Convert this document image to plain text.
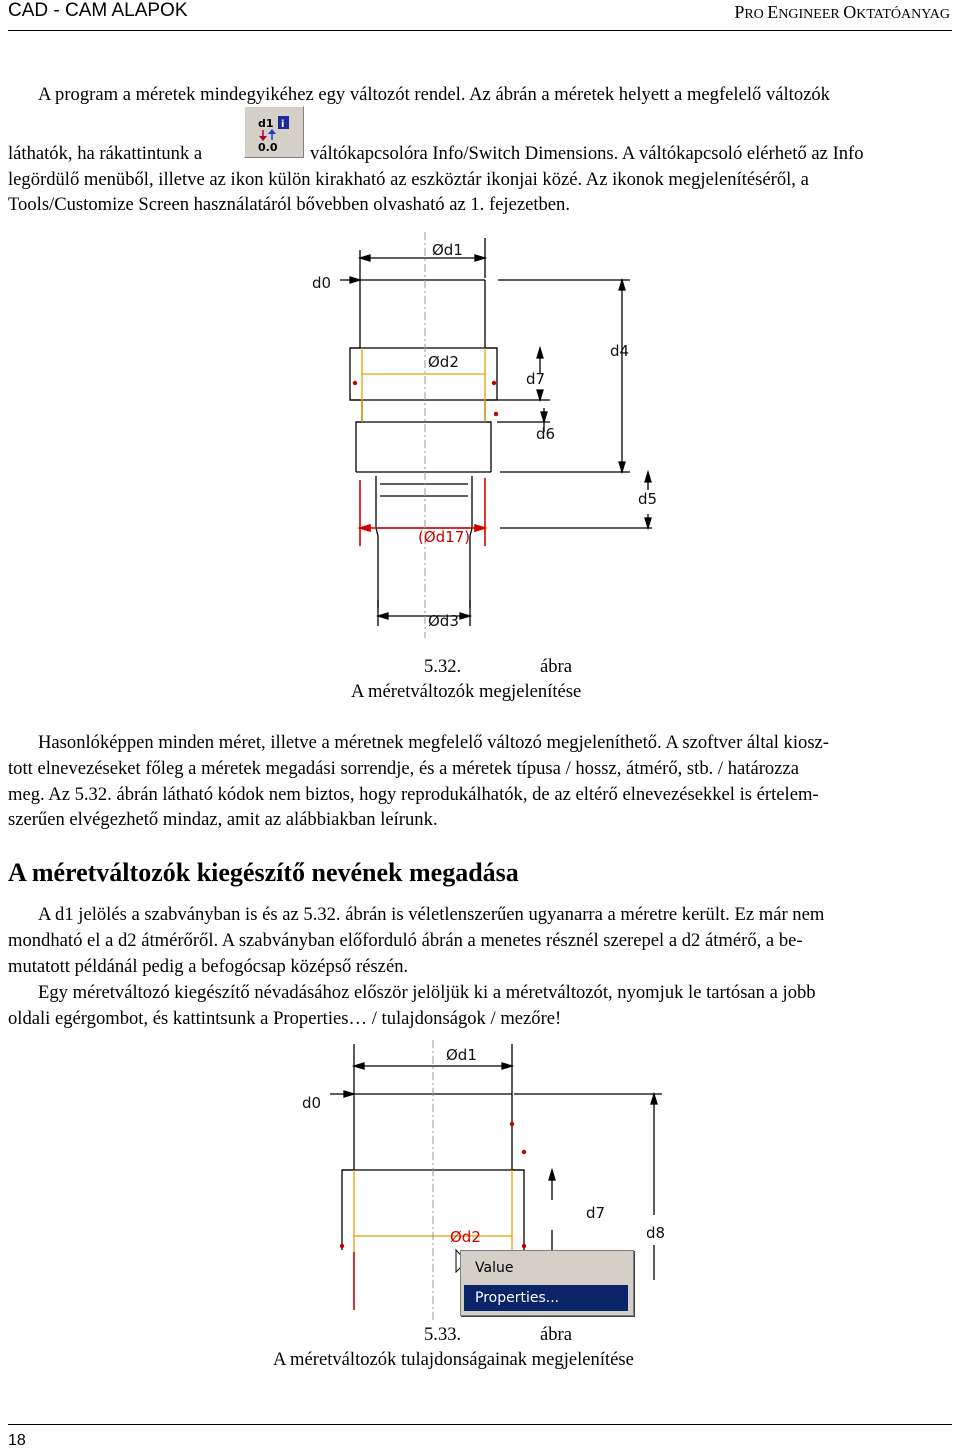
CAD - CAM ALAPOK	PRO ENGINEER OKTATÓANYAG
A program a méretek mindegyikéhez egy változót rendel. Az ábrán a méretek helyett a megfelelő változók
láthatók, ha rákattintunk a
d1 i
0.0 váltókapcsolóra Info/Switch Dimensions. A váltókapcsoló elérhető az Info
legördülő menüből, illetve az ikon külön kirakható az eszköztár ikonjai közé. Az ikonok megjelenítéséről, a
Tools/Customize Screen használatáról bővebben olvasható az 1. fejezetben.
d0
Ød1
Ød2
Ød3
d4
d5
d6
d7
(Ød17)
5.32.	ábra
A méretváltozók megjelenítése
Hasonlóképpen minden méret, illetve a méretnek megfelelő változó megjeleníthető. A szoftver által kiosz-
tott elnevezéseket főleg a méretek megadási sorrendje, és a méretek típusa / hossz, átmérő, stb. / határozza
meg. Az 5.32. ábrán látható kódok nem biztos, hogy reprodukálhatók, de az eltérő elnevezésekkel is értelem-
szerűen elvégezhető mindaz, amit az alábbiakban leírunk.
A méretváltozók kiegészítő nevének megadása
A d1 jelölés a szabványban is és az 5.32. ábrán is véletlenszerűen ugyanarra a méretre került. Ez már nem
mondható el a d2 átmérőről. A szabványban előforduló ábrán a menetes résznél szerepel a d2 átmérő, a be-
mutatott példánál pedig a befogócsap középső részén.
Egy méretváltozó kiegészítő névadásához először jelöljük ki a méretváltozót, nyomjuk le tartósan a jobb
oldali egérgombot, és kattintsunk a Properties… / tulajdonságok / mezőre!
d0
Ød1
Ød2
d7
d8
Value
Properties...
5.33.	ábra
A méretváltozók tulajdonságainak megjelenítése
18
